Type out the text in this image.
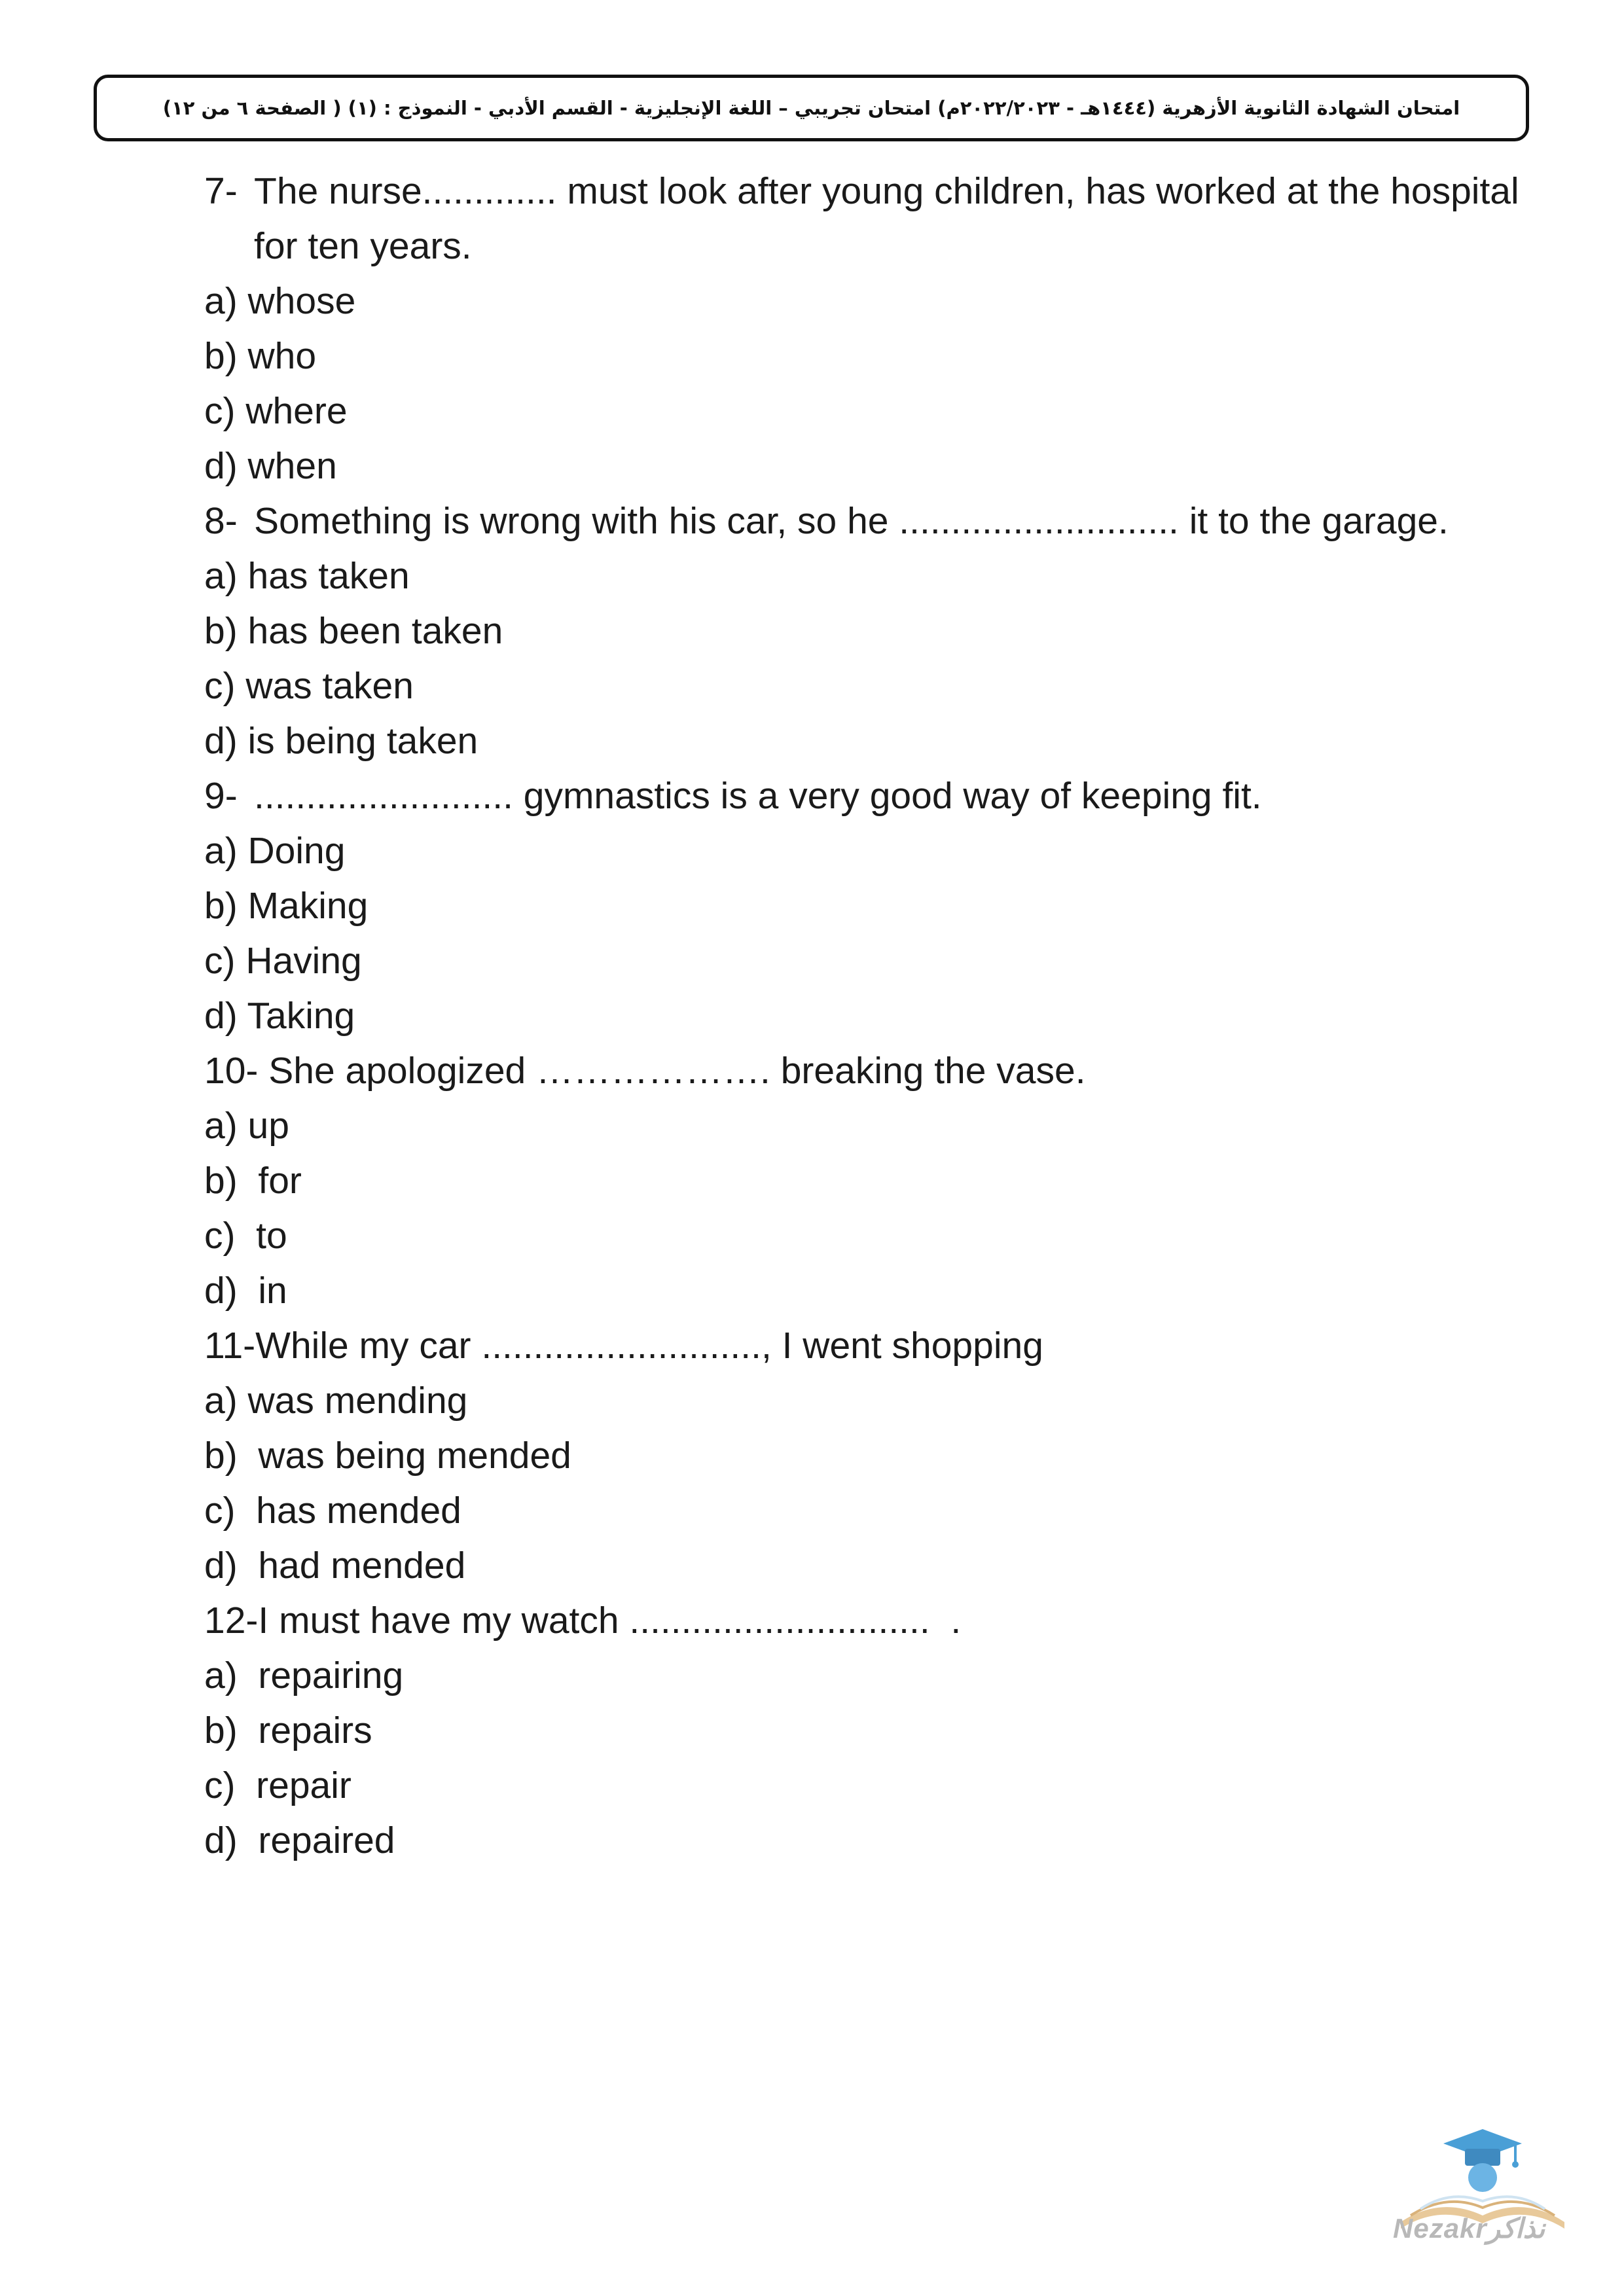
امتحان الشهادة الثانوية الأزهرية (١٤٤٤هـ - ٢٠٢٢/٢٠٢٣م) امتحان تجريبي – اللغة الإنجليزية - القسم الأدبي - النموذج : (١) ( الصفحة ٦ من ١٢)
7-
The nurse............. must look after young children, has worked at the hospital for ten years.
a) whose
b) who
c) where
d) when
8-
Something is wrong with his car, so he ........................... it to the garage.
a) has taken
b) has been taken
c) was taken
d) is being taken
9-
......................... gymnastics is a very good way of keeping fit.
a) Doing
b) Making
c) Having
d) Taking
10- She apologized ………………. breaking the vase.
a) up
b)  for
c)  to
d)  in
11- While my car ..........................., I went shopping
a) was mending
b)  was being mended
c)  has mended
d)  had mended
12- I must have my watch .............................  .
a)  repairing
b)  repairs
c)  repair
d)  repaired
Nezakrنذاكر
